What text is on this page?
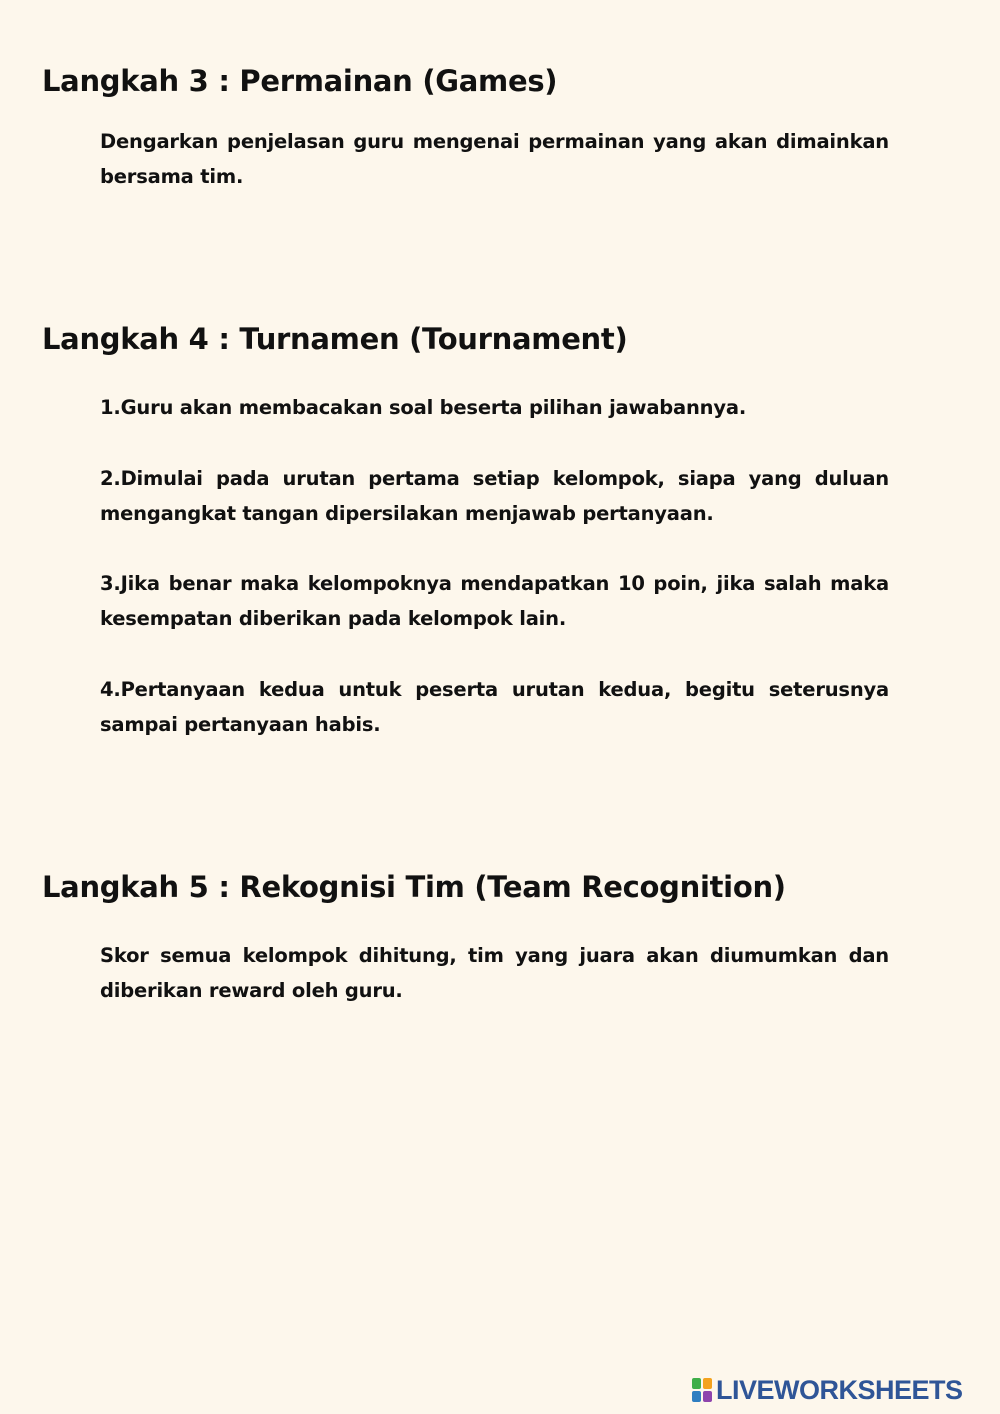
Langkah 3 : Permainan (Games)

Dengarkan penjelasan guru mengenai permainan yang akan dimainkan bersama tim.

Langkah 4 : Turnamen (Tournament)

1.Guru akan membacakan soal beserta pilihan jawabannya.

2.Dimulai pada urutan pertama setiap kelompok, siapa yang duluan mengangkat tangan dipersilakan menjawab pertanyaan.

3.Jika benar maka kelompoknya mendapatkan 10 poin, jika salah maka kesempatan diberikan pada kelompok lain.

4.Pertanyaan kedua untuk peserta urutan kedua, begitu seterusnya sampai pertanyaan habis.

Langkah 5 : Rekognisi Tim (Team Recognition)

Skor semua kelompok dihitung, tim yang juara akan diumumkan dan diberikan reward oleh guru.

LIVEWORKSHEETS
